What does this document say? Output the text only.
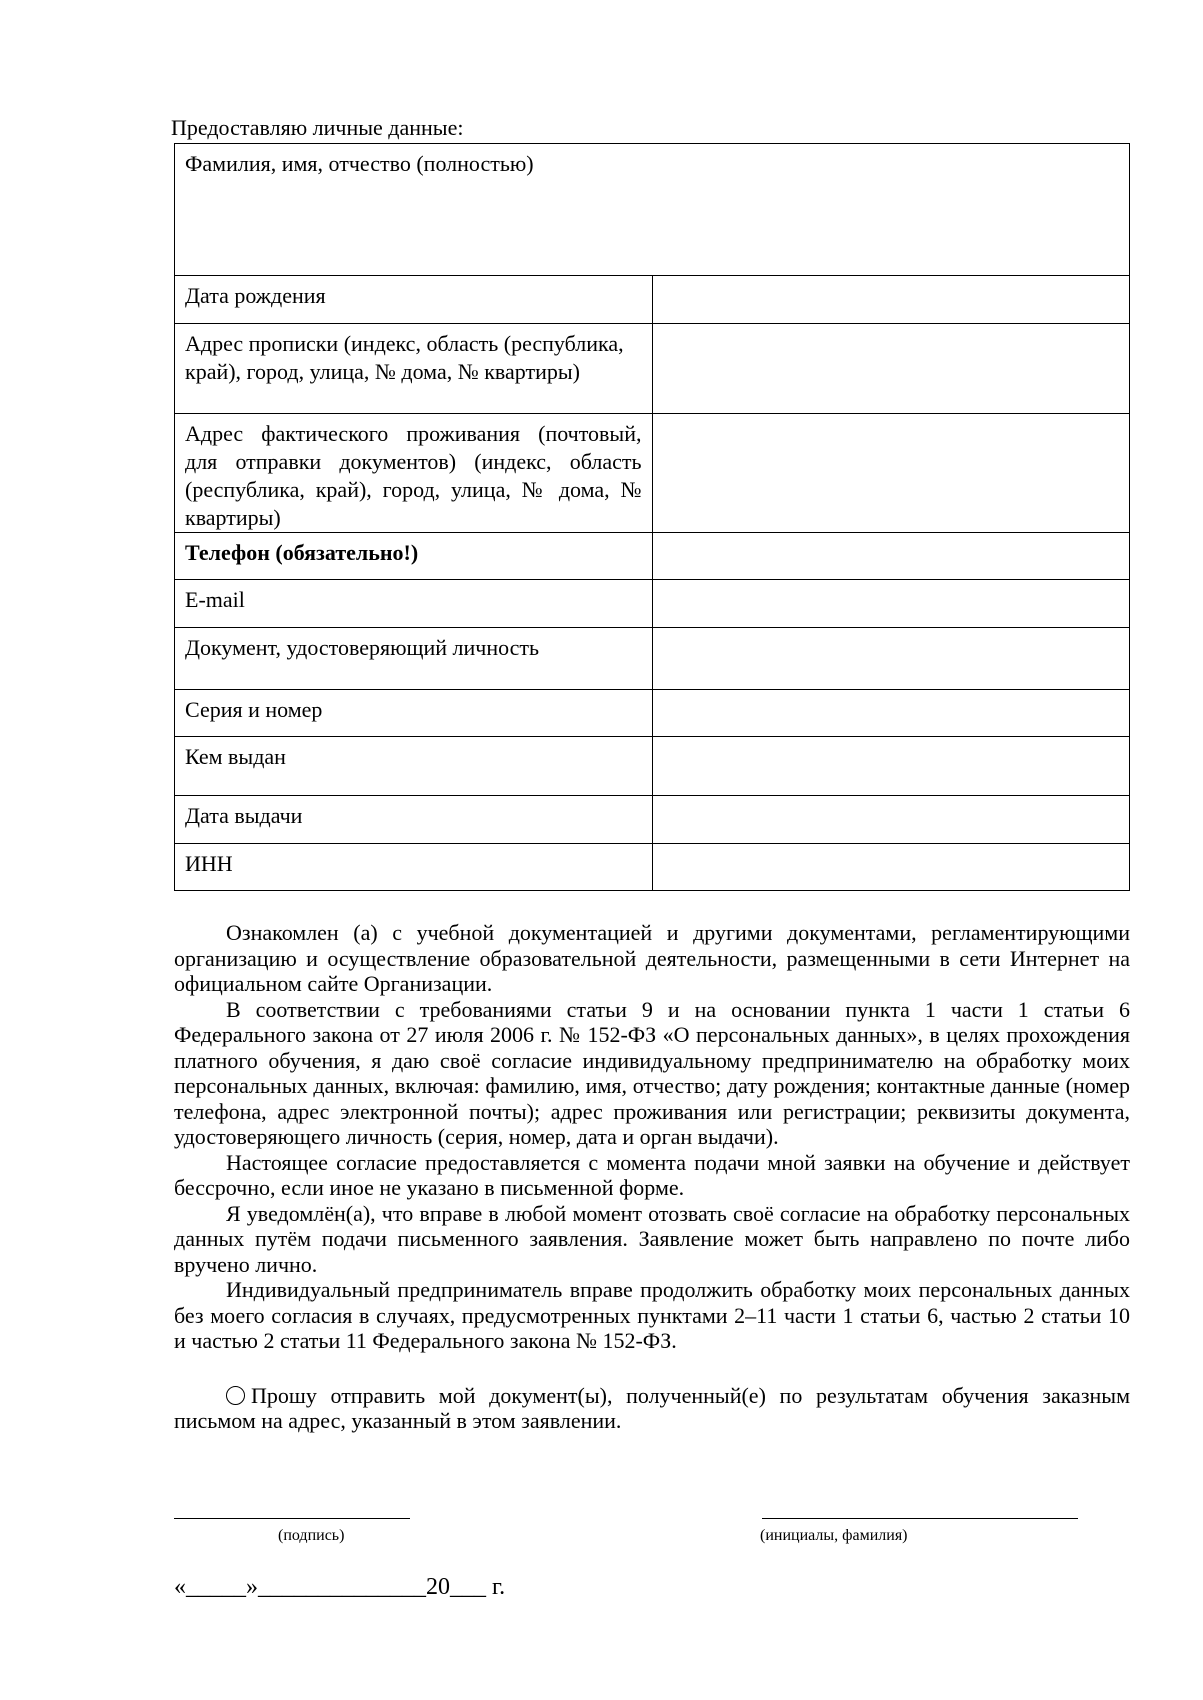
Предоставляю личные данные:

Фамилия, имя, отчество (полностью)	
Дата рождения	
Адрес прописки (индекс, область (республика, край), город, улица, № дома, № квартиры)	
Адрес фактического проживания (почтовый, для отправки документов) (индекс, область (республика, край), город, улица, № дома, № квартиры)	
Телефон (обязательно!)	
E-mail	
Документ, удостоверяющий личность	
Серия и номер	
Кем выдан	
Дата выдачи	
ИНН	

Ознакомлен (а) с учебной документацией и другими документами, регламентирующими организацию и осуществление образовательной деятельности, размещенными в сети Интернет на официальном сайте Организации.

В соответствии с требованиями статьи 9 и на основании пункта 1 части 1 статьи 6 Федерального закона от 27 июля 2006 г. № 152-ФЗ «О персональных данных», в целях прохождения платного обучения, я даю своё согласие индивидуальному предпринимателю на обработку моих персональных данных, включая: фамилию, имя, отчество; дату рождения; контактные данные (номер телефона, адрес электронной почты); адрес проживания или регистрации; реквизиты документа, удостоверяющего личность (серия, номер, дата и орган выдачи).

Настоящее согласие предоставляется с момента подачи мной заявки на обучение и действует бессрочно, если иное не указано в письменной форме.

Я уведомлён(а), что вправе в любой момент отозвать своё согласие на обработку персональных данных путём подачи письменного заявления. Заявление может быть направлено по почте либо вручено лично.

Индивидуальный предприниматель вправе продолжить обработку моих персональных данных без моего согласия в случаях, предусмотренных пунктами 2–11 части 1 статьи 6, частью 2 статьи 10 и частью 2 статьи 11 Федерального закона № 152-ФЗ.

Прошу отправить мой документ(ы), полученный(е) по результатам обучения заказным письмом на адрес, указанный в этом заявлении.

(подпись)	(инициалы, фамилия)
«_____»______________20___ г.
